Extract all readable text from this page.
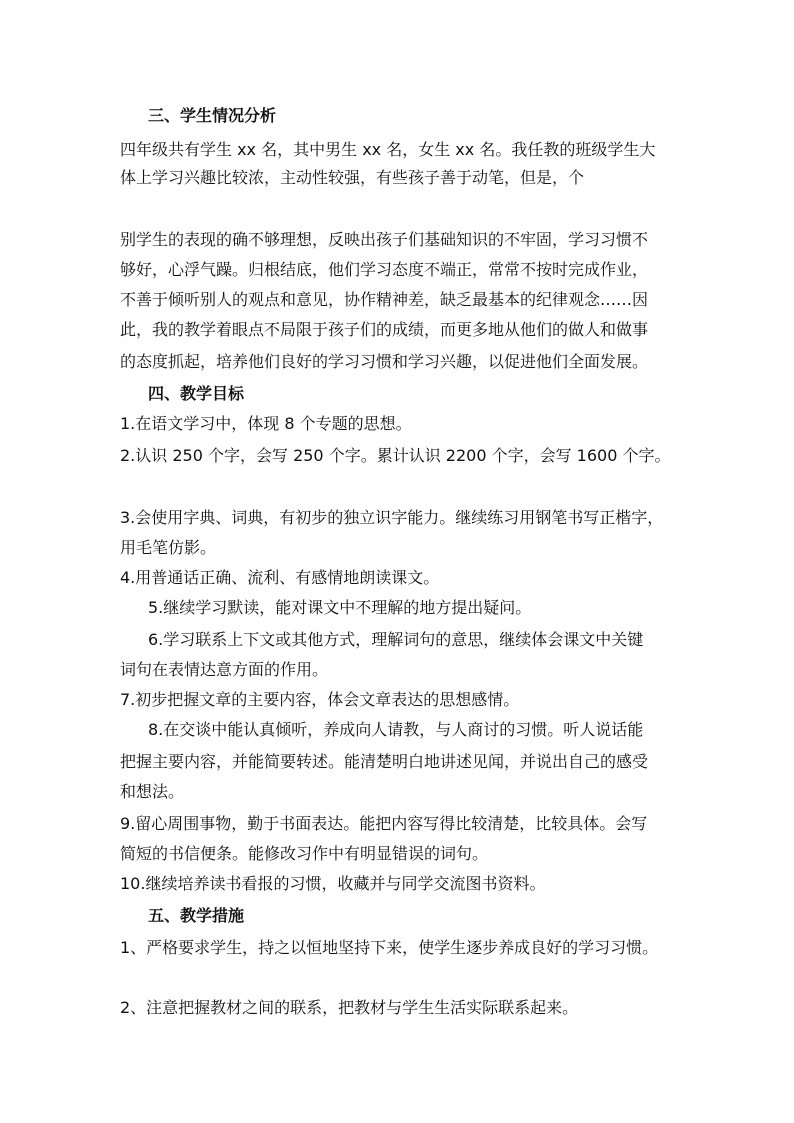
三、学生情况分析
四年级共有学生 xx 名，其中男生 xx 名，女生 xx 名。我任教的班级学生大
体上学习兴趣比较浓，主动性较强，有些孩子善于动笔，但是，个
别学生的表现的确不够理想，反映出孩子们基础知识的不牢固，学习习惯不
够好，心浮气躁。归根结底，他们学习态度不端正，常常不按时完成作业，
不善于倾听别人的观点和意见，协作精神差，缺乏最基本的纪律观念……因
此，我的教学着眼点不局限于孩子们的成绩，而更多地从他们的做人和做事
的态度抓起，培养他们良好的学习习惯和学习兴趣，以促进他们全面发展。
四、教学目标
1.在语文学习中，体现 8 个专题的思想。
2.认识 250 个字，会写 250 个字。累计认识 2200 个字，会写 1600 个字。
3.会使用字典、词典，有初步的独立识字能力。继续练习用钢笔书写正楷字，
用毛笔仿影。
4.用普通话正确、流利、有感情地朗读课文。
5.继续学习默读，能对课文中不理解的地方提出疑问。
6.学习联系上下文或其他方式，理解词句的意思，继续体会课文中关键
词句在表情达意方面的作用。
7.初步把握文章的主要内容，体会文章表达的思想感情。
8.在交谈中能认真倾听，养成向人请教，与人商讨的习惯。听人说话能
把握主要内容，并能简要转述。能清楚明白地讲述见闻，并说出自己的感受
和想法。
9.留心周围事物，勤于书面表达。能把内容写得比较清楚，比较具体。会写
简短的书信便条。能修改习作中有明显错误的词句。
10.继续培养读书看报的习惯，收藏并与同学交流图书资料。
五、教学措施
1、严格要求学生，持之以恒地坚持下来，使学生逐步养成良好的学习习惯。
2、注意把握教材之间的联系，把教材与学生生活实际联系起来。
